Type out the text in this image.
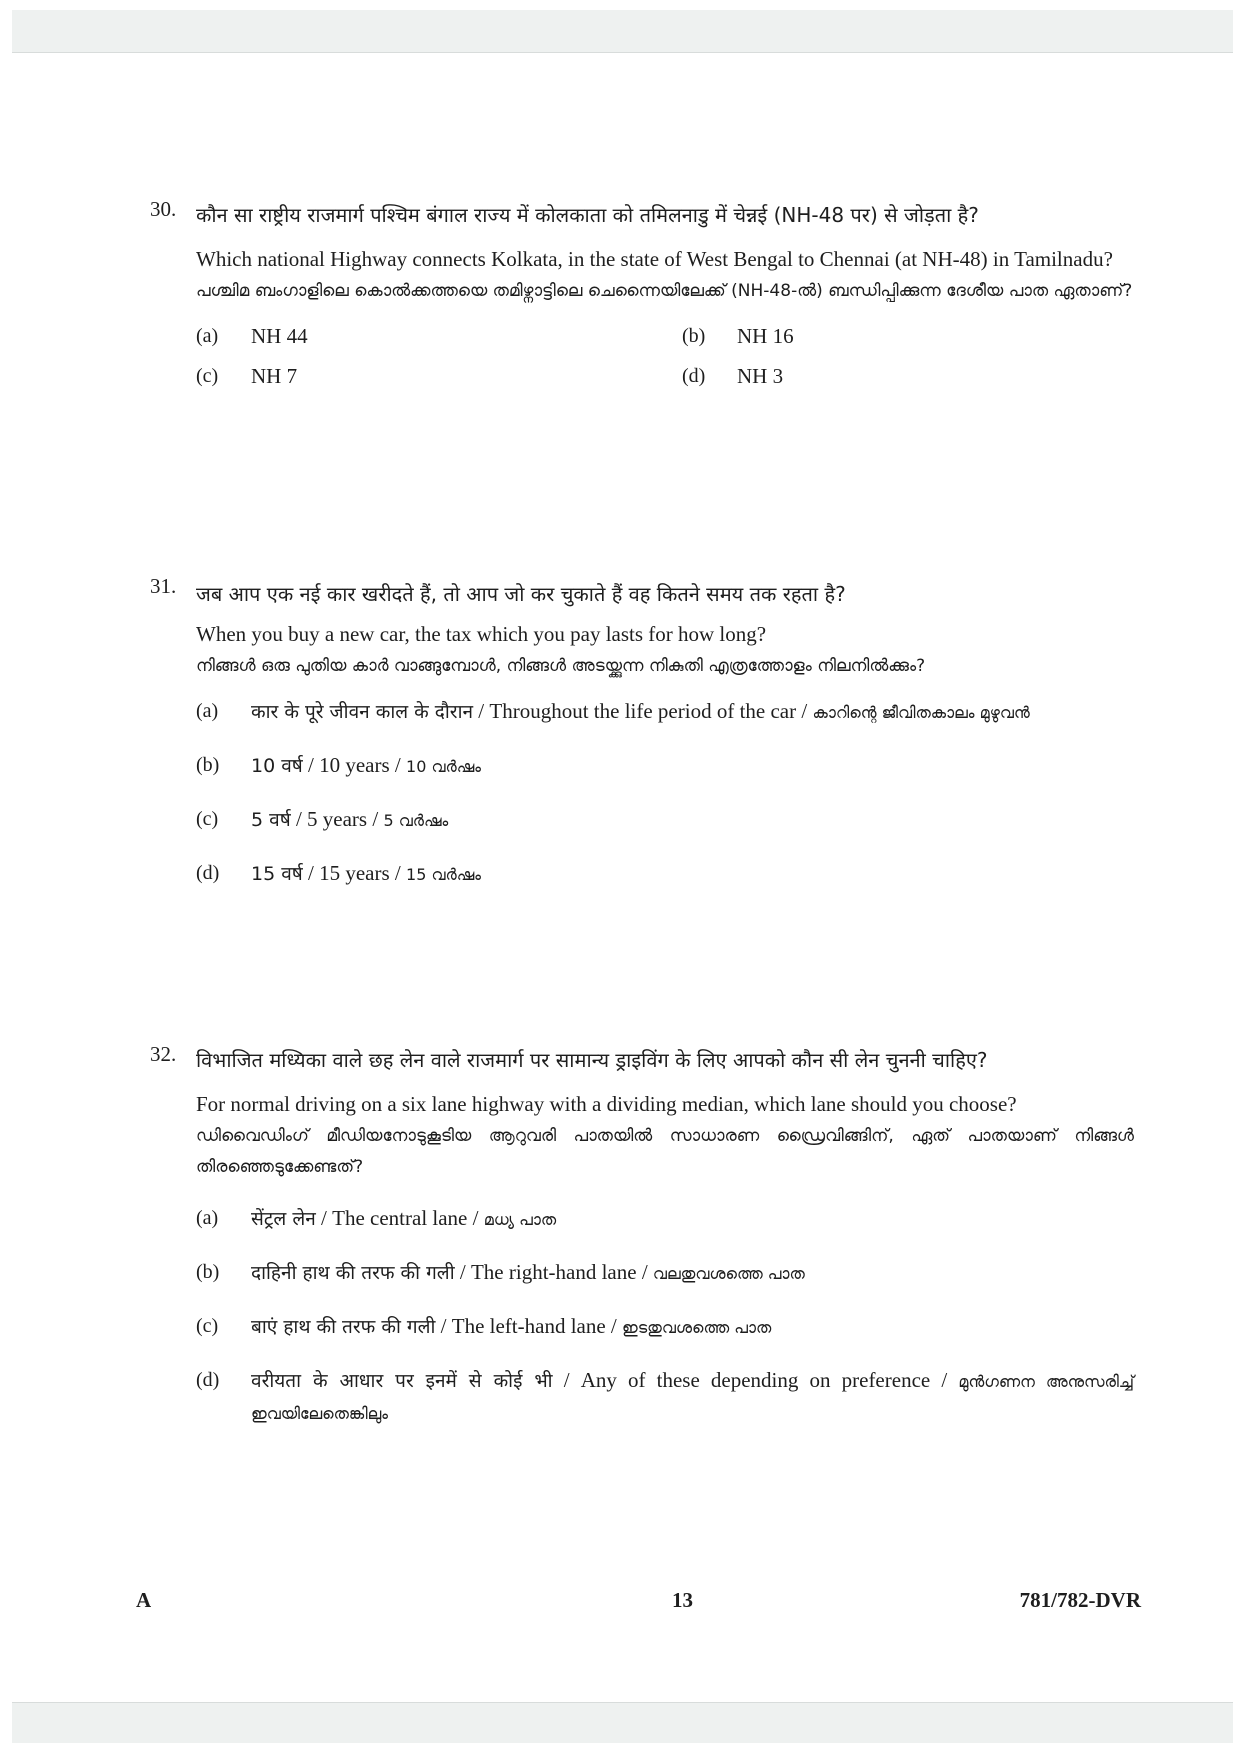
30. कौन सा राष्ट्रीय राजमार्ग पश्चिम बंगाल राज्य में कोलकाता को तमिलनाडु में चेन्नई (NH-48 पर) से जोड़ता है?

Which national Highway connects Kolkata, in the state of West Bengal to Chennai (at NH-48) in Tamilnadu?

പശ്ചിമ ബംഗാളിലെ കൊൽക്കത്തയെ തമിഴ്നാട്ടിലെ ചെന്നൈയിലേക്ക് (NH-48-ൽ) ബന്ധിപ്പിക്കുന്ന ദേശീയ പാത ഏതാണ്?

(a)	NH 44	(b)	NH 16
(c)	NH 7	(d)	NH 3
31. जब आप एक नई कार खरीदते हैं, तो आप जो कर चुकाते हैं वह कितने समय तक रहता है?

When you buy a new car, the tax which you pay lasts for how long?

നിങ്ങൾ ഒരു പുതിയ കാർ വാങ്ങുമ്പോൾ, നിങ്ങൾ അടയ്ക്കുന്ന നികുതി എത്രത്തോളം നിലനിൽക്കും?

(a)	कार के पूरे जीवन काल के दौरान / Throughout the life period of the car / കാറിന്റെ ജീവിതകാലം മുഴുവൻ
(b)	10 वर्ष / 10 years / 10 വർഷം
(c)	5 वर्ष / 5 years / 5 വർഷം
(d)	15 वर्ष / 15 years / 15 വർഷം
32. विभाजित मध्यिका वाले छह लेन वाले राजमार्ग पर सामान्य ड्राइविंग के लिए आपको कौन सी लेन चुननी चाहिए?

For normal driving on a six lane highway with a dividing median, which lane should you choose?

ഡിവൈഡിംഗ് മീഡിയനോടുകൂടിയ ആറുവരി പാതയിൽ സാധാരണ ഡ്രൈവിങ്ങിന്, ഏത് പാതയാണ് നിങ്ങൾ തിരഞ്ഞെടുക്കേണ്ടത്?

(a)	सेंट्रल लेन / The central lane / മധ്യ പാത
(b)	दाहिनी हाथ की तरफ की गली / The right-hand lane / വലതുവശത്തെ പാത
(c)	बाएं हाथ की तरफ की गली / The left-hand lane / ഇടതുവശത്തെ പാത
(d)	वरीयता के आधार पर इनमें से कोई भी / Any of these depending on preference / മുൻഗണന അനുസരിച്ച് ഇവയിലേതെങ്കിലും
A	13	781/782-DVR
